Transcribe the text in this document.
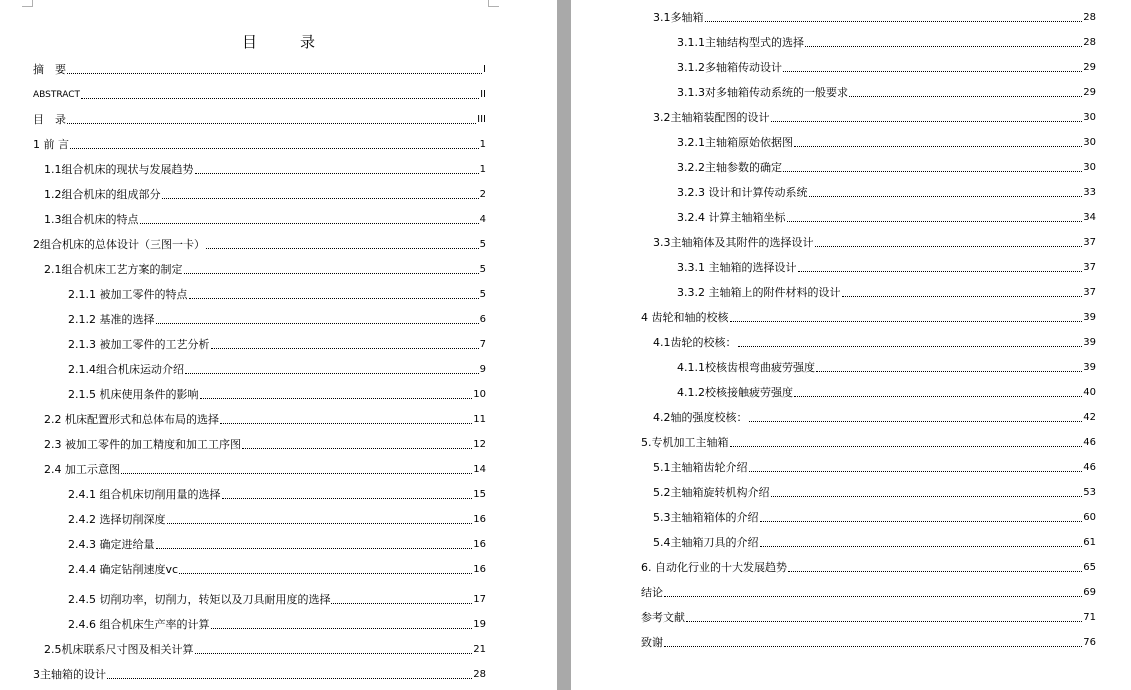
目　录
摘　要	I
ABSTRACT	II
目　录	III
1 前 言	1
1.1组合机床的现状与发展趋势	1
1.2组合机床的组成部分	2
1.3组合机床的特点	4
2组合机床的总体设计（三图一卡）	5
2.1组合机床工艺方案的制定	5
2.1.1 被加工零件的特点	5
2.1.2 基准的选择	6
2.1.3 被加工零件的工艺分析	7
2.1.4组合机床运动介绍	9
2.1.5 机床使用条件的影响	10
2.2 机床配置形式和总体布局的选择	11
2.3 被加工零件的加工精度和加工工序图	12
2.4 加工示意图	14
2.4.1 组合机床切削用量的选择	15
2.4.2 选择切削深度	16
2.4.3 确定进给量	16
2.4.4 确定钻削速度vc	16
2.4.5 切削功率，切削力，转矩以及刀具耐用度的选择	17
2.4.6 组合机床生产率的计算	19
2.5机床联系尺寸图及相关计算	21
3主轴箱的设计	28
3.1多轴箱	28
3.1.1主轴结构型式的选择	28
3.1.2多轴箱传动设计	29
3.1.3对多轴箱传动系统的一般要求	29
3.2主轴箱装配图的设计	30
3.2.1主轴箱原始依据图	30
3.2.2主轴参数的确定	30
3.2.3 设计和计算传动系统	33
3.2.4 计算主轴箱坐标	34
3.3主轴箱体及其附件的选择设计	37
3.3.1 主轴箱的选择设计	37
3.3.2 主轴箱上的附件材料的设计	37
4 齿轮和轴的校核	39
4.1齿轮的校核：	39
4.1.1校核齿根弯曲疲劳强度	39
4.1.2校核接触疲劳强度	40
4.2轴的强度校核：	42
5.专机加工主轴箱	46
5.1主轴箱齿轮介绍	46
5.2主轴箱旋转机构介绍	53
5.3主轴箱箱体的介绍	60
5.4主轴箱刀具的介绍	61
6. 自动化行业的十大发展趋势	65
结论	69
参考文献	71
致谢	76
